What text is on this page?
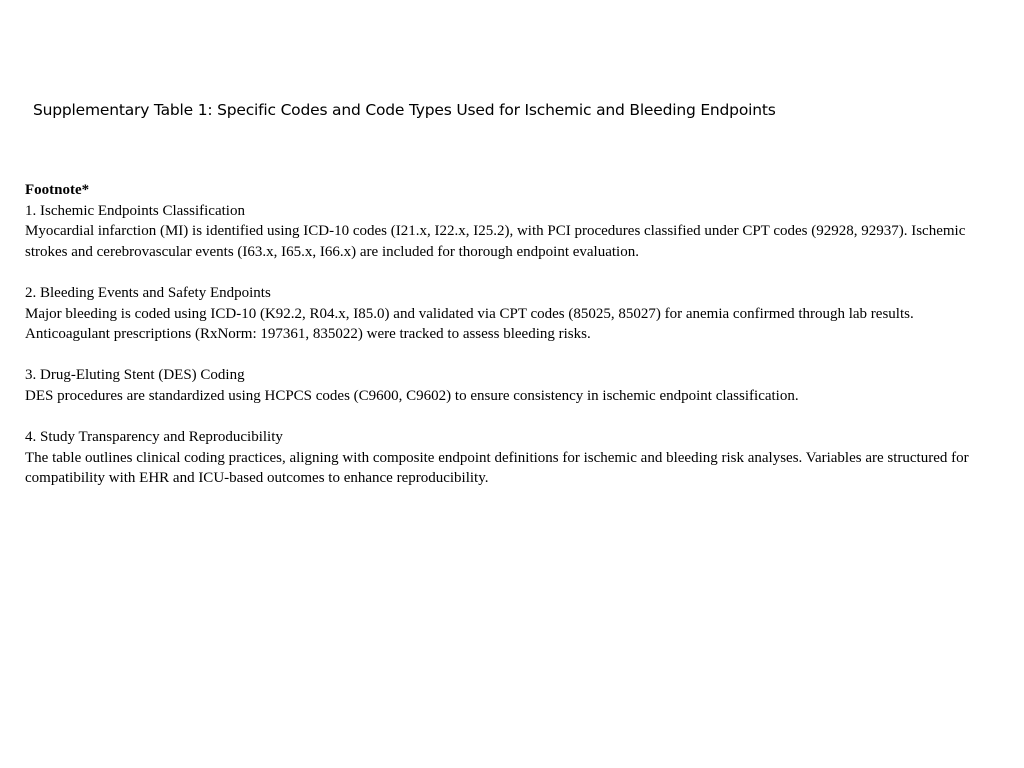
Supplementary Table 1: Specific Codes and Code Types Used for Ischemic and Bleeding Endpoints
Footnote*
1. Ischemic Endpoints Classification
Myocardial infarction (MI) is identified using ICD-10 codes (I21.x, I22.x, I25.2), with PCI procedures classified under CPT codes (92928, 92937). Ischemic strokes and cerebrovascular events (I63.x, I65.x, I66.x) are included for thorough endpoint evaluation.
2. Bleeding Events and Safety Endpoints
Major bleeding is coded using ICD-10 (K92.2, R04.x, I85.0) and validated via CPT codes (85025, 85027) for anemia confirmed through lab results. Anticoagulant prescriptions (RxNorm: 197361, 835022) were tracked to assess bleeding risks.
3. Drug-Eluting Stent (DES) Coding
DES procedures are standardized using HCPCS codes (C9600, C9602) to ensure consistency in ischemic endpoint classification.
4. Study Transparency and Reproducibility
The table outlines clinical coding practices, aligning with composite endpoint definitions for ischemic and bleeding risk analyses. Variables are structured for compatibility with EHR and ICU-based outcomes to enhance reproducibility.
